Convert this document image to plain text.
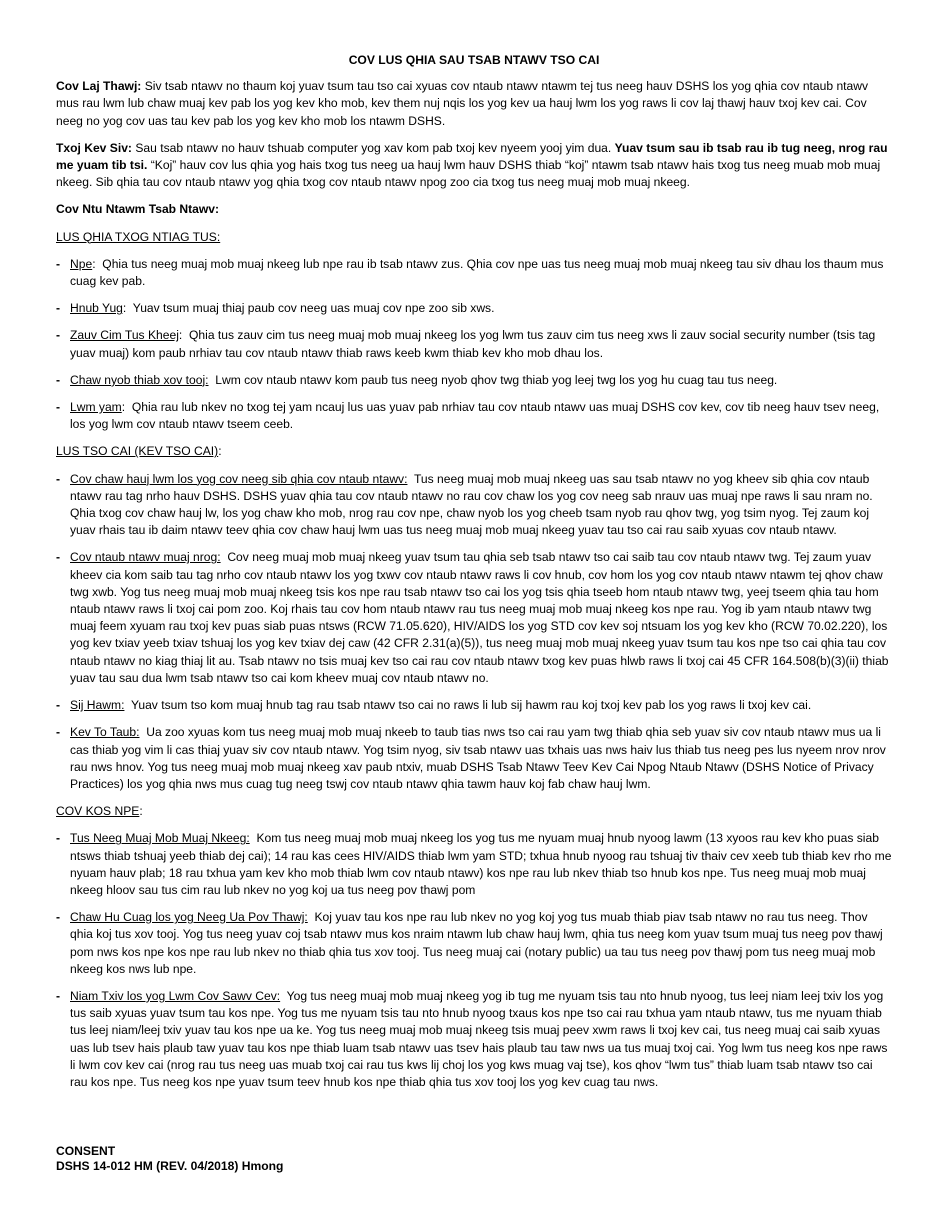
COV LUS QHIA SAU TSAB NTAWV TSO CAI

Cov Laj Thawj: Siv tsab ntawv no thaum koj yuav tsum tau tso cai xyuas cov ntaub ntawv ntawm tej tus neeg hauv DSHS los yog qhia cov ntaub ntawv mus rau lwm lub chaw muaj kev pab los yog kev kho mob, kev them nuj nqis los yog kev ua hauj lwm los yog raws li cov laj thawj hauv txoj kev cai. Cov neeg no yog cov uas tau kev pab los yog kev kho mob los ntawm DSHS.

Txoj Kev Siv: Sau tsab ntawv no hauv tshuab computer yog xav kom pab txoj kev nyeem yooj yim dua. Yuav tsum sau ib tsab rau ib tug neeg, nrog rau me yuam tib tsi. “Koj” hauv cov lus qhia yog hais txog tus neeg ua hauj lwm hauv DSHS thiab “koj” ntawm tsab ntawv hais txog tus neeg muab mob muaj nkeeg. Sib qhia tau cov ntaub ntawv yog qhia txog cov ntaub ntawv npog zoo cia txog tus neeg muaj mob muaj nkeeg.

Cov Ntu Ntawm Tsab Ntawv:

LUS QHIA TXOG NTIAG TUS:
- Npe: Qhia tus neeg muaj mob muaj nkeeg lub npe rau ib tsab ntawv zus. Qhia cov npe uas tus neeg muaj mob muaj nkeeg tau siv dhau los thaum mus cuag kev pab.
- Hnub Yug: Yuav tsum muaj thiaj paub cov neeg uas muaj cov npe zoo sib xws.
- Zauv Cim Tus Kheej: Qhia tus zauv cim tus neeg muaj mob muaj nkeeg los yog lwm tus zauv cim tus neeg xws li zauv social security number (tsis tag yuav muaj) kom paub nrhiav tau cov ntaub ntawv thiab raws keeb kwm thiab kev kho mob dhau los.
- Chaw nyob thiab xov tooj: Lwm cov ntaub ntawv kom paub tus neeg nyob qhov twg thiab yog leej twg los yog hu cuag tau tus neeg.
- Lwm yam: Qhia rau lub nkev no txog tej yam ncauj lus uas yuav pab nrhiav tau cov ntaub ntawv uas muaj DSHS cov kev, cov tib neeg hauv tsev neeg, los yog lwm cov ntaub ntawv tseem ceeb.
LUS TSO CAI (KEV TSO CAI):
- Cov chaw hauj lwm los yog cov neeg sib qhia cov ntaub ntawv: Tus neeg muaj mob muaj nkeeg uas sau tsab ntawv no yog kheev sib qhia cov ntaub ntawv rau tag nrho hauv DSHS. DSHS yuav qhia tau cov ntaub ntawv no rau cov chaw los yog cov neeg sab nrauv uas muaj npe raws li sau nram no. Qhia txog cov chaw hauj lw, los yog chaw kho mob, nrog rau cov npe, chaw nyob los yog cheeb tsam nyob rau qhov twg, yog tsim nyog. Tej zaum koj yuav rhais tau ib daim ntawv teev qhia cov chaw hauj lwm uas tus neeg muaj mob muaj nkeeg yuav tau tso cai rau saib xyuas cov ntaub ntawv.
- Cov ntaub ntawv muaj nrog: Cov neeg muaj mob muaj nkeeg yuav tsum tau qhia seb tsab ntawv tso cai saib tau cov ntaub ntawv twg. Tej zaum yuav kheev cia kom saib tau tag nrho cov ntaub ntawv los yog txwv cov ntaub ntawv raws li cov hnub, cov hom los yog cov ntaub ntawv ntawm tej qhov chaw twg xwb. Yog tus neeg muaj mob muaj nkeeg tsis kos npe rau tsab ntawv tso cai los yog tsis qhia tseeb hom ntaub ntawv twg, yeej tseem qhia tau hom ntaub ntawv raws li txoj cai pom zoo. Koj rhais tau cov hom ntaub ntawv rau tus neeg muaj mob muaj nkeeg kos npe rau. Yog ib yam ntaub ntawv twg muaj feem xyuam rau txoj kev puas siab puas ntsws (RCW 71.05.620), HIV/AIDS los yog STD cov kev soj ntsuam los yog kev kho (RCW 70.02.220), los yog kev txiav yeeb txiav tshuaj los yog kev txiav dej caw (42 CFR 2.31(a)(5)), tus neeg muaj mob muaj nkeeg yuav tsum tau kos npe tso cai qhia tau cov ntaub ntawv no kiag thiaj lit au. Tsab ntawv no tsis muaj kev tso cai rau cov ntaub ntawv txog kev puas hlwb raws li txoj cai 45 CFR 164.508(b)(3)(ii) thiab yuav tau sau dua lwm tsab ntawv tso cai kom kheev muaj cov ntaub ntawv no.
- Sij Hawm: Yuav tsum tso kom muaj hnub tag rau tsab ntawv tso cai no raws li lub sij hawm rau koj txoj kev pab los yog raws li txoj kev cai.
- Kev To Taub: Ua zoo xyuas kom tus neeg muaj mob muaj nkeeb to taub tias nws tso cai rau yam twg thiab qhia seb yuav siv cov ntaub ntawv mus ua li cas thiab yog vim li cas thiaj yuav siv cov ntaub ntawv. Yog tsim nyog, siv tsab ntawv uas txhais uas nws haiv lus thiab tus neeg pes lus nyeem nrov nrov rau nws hnov. Yog tus neeg muaj mob muaj nkeeg xav paub ntxiv, muab DSHS Tsab Ntawv Teev Kev Cai Npog Ntaub Ntawv (DSHS Notice of Privacy Practices) los yog qhia nws mus cuag tug neeg tswj cov ntaub ntawv qhia tawm hauv koj fab chaw hauj lwm.
COV KOS NPE:
- Tus Neeg Muaj Mob Muaj Nkeeg: Kom tus neeg muaj mob muaj nkeeg los yog tus me nyuam muaj hnub nyoog lawm (13 xyoos rau kev kho puas siab ntsws thiab tshuaj yeeb thiab dej cai); 14 rau kas cees HIV/AIDS thiab lwm yam STD; txhua hnub nyoog rau tshuaj tiv thaiv cev xeeb tub thiab kev rho me nyuam hauv plab; 18 rau txhua yam kev kho mob thiab lwm cov ntaub ntawv) kos npe rau lub nkev thiab tso hnub kos npe. Tus neeg muaj mob muaj nkeeg hloov sau tus cim rau lub nkev no yog koj ua tus neeg pov thawj pom
- Chaw Hu Cuag los yog Neeg Ua Pov Thawj: Koj yuav tau kos npe rau lub nkev no yog koj yog tus muab thiab piav tsab ntawv no rau tus neeg. Thov qhia koj tus xov tooj. Yog tus neeg yuav coj tsab ntawv mus kos nraim ntawm lub chaw hauj lwm, qhia tus neeg kom yuav tsum muaj tus neeg pov thawj pom nws kos npe kos npe rau lub nkev no thiab qhia tus xov tooj. Tus neeg muaj cai (notary public) ua tau tus neeg pov thawj pom tus neeg muaj mob nkeeg kos nws lub npe.
- Niam Txiv los yog Lwm Cov Sawv Cev: Yog tus neeg muaj mob muaj nkeeg yog ib tug me nyuam tsis tau nto hnub nyoog, tus leej niam leej txiv los yog tus saib xyuas yuav tsum tau kos npe. Yog tus me nyuam tsis tau nto hnub nyoog txaus kos npe tso cai rau txhua yam ntaub ntawv, tus me nyuam thiab tus leej niam/leej txiv yuav tau kos npe ua ke. Yog tus neeg muaj mob muaj nkeeg tsis muaj peev xwm raws li txoj kev cai, tus neeg muaj cai saib xyuas uas lub tsev hais plaub taw yuav tau kos npe thiab luam tsab ntawv uas tsev hais plaub tau taw nws ua tus muaj txoj cai. Yog lwm tus neeg kos npe raws li lwm cov kev cai (nrog rau tus neeg uas muab txoj cai rau tus kws lij choj los yog kws muag vaj tse), kos qhov “lwm tus” thiab luam tsab ntawv tso cai rau kos npe. Tus neeg kos npe yuav tsum teev hnub kos npe thiab qhia tus xov tooj los yog kev cuag tau nws.
CONSENT
DSHS 14-012 HM (REV. 04/2018) Hmong
